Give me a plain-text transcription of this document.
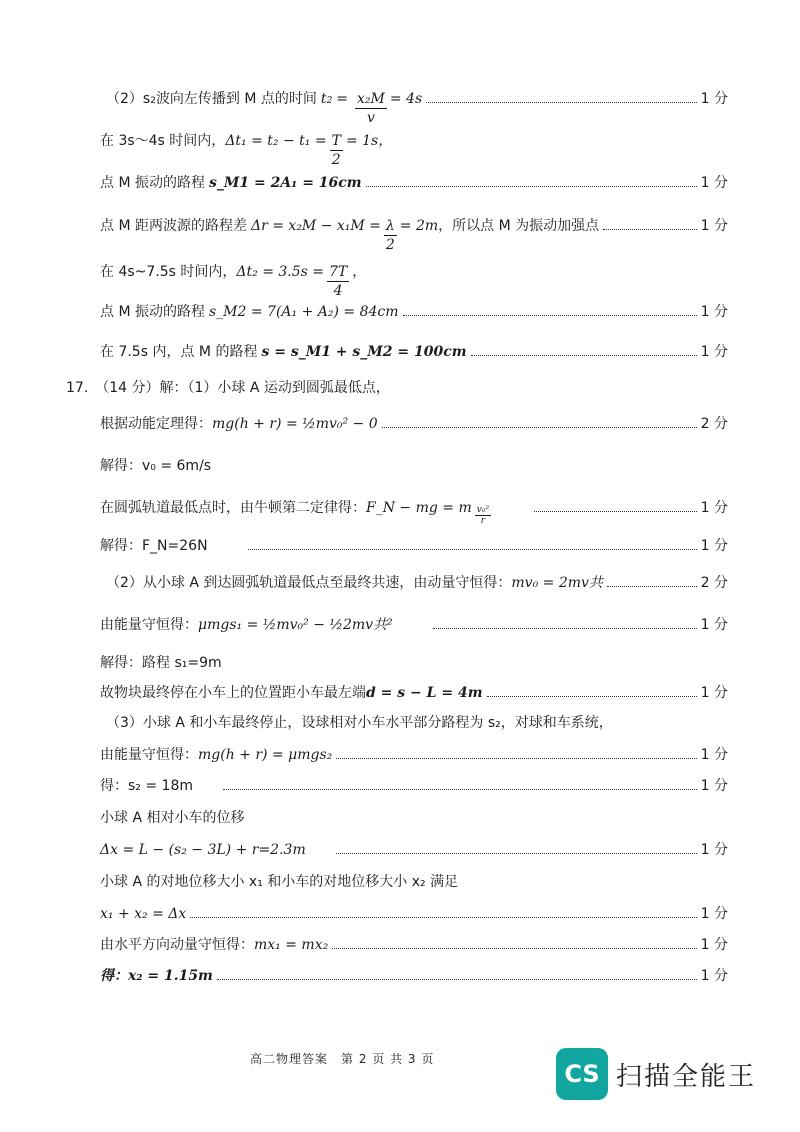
（2）s 2 波向左传播到 M 点的时间 t $2 = \frac{\text{x₂M}}{v} = 4s$	1 分
在 3s～4s 时间内， $\Delta t_1 = t_2 - t_1 = \frac{T}{2} = 1s$，
点 M 振动的路程 s_M1 = 2A₁ = 16cm	1 分
点 M 距两波源的路程差 $\Delta r = x_2M - x_1M = \frac{\lambda}{2} = 2m$ ，所以点 M 为振动加强点	1 分
在 4s~7.5s 时间内， $\Delta t_2 = 3.5s = \frac{7T}{4}$ ，
点 M 振动的路程 s_M2 = 7(A₁ + A₂) = 84cm	1 分
在 7.5s 内，点 M 的路程 s = s_M1 + s_M2 = 100cm	1 分
17.　（14 分）解：（1）小球 A 运动到圆弧最低点，
根据动能定理得： mg(h + r) = ½mv₀² − 0	2 分
解得：v₀ = 6m/s
在圆弧轨道最低点时，由牛顿第二定律得： F_N − mg = m $\frac{\text{v₀²}}{r}$	1 分
解得：F_N=26N	1 分
（2）从小球 A 到达圆弧轨道最低点至最终共速，由动量守恒得： mv₀ = 2mv共	2 分
由能量守恒得： μmgs₁ = ½mv₀² − ½2mv共²	1 分
解得：路程 s₁=9m
故物块最终停在小车上的位置距小车最左端 d = s − L = 4m	1 分
（3）小球 A 和小车最终停止，设球相对小车水平部分路程为 s₂，对球和车系统，
由能量守恒得： mg(h + r) = μmgs₂	1 分
得：s₂ = 18m	1 分
小球 A 相对小车的位移
Δx = L − (s₂ − 3L) + r=2.3m	1 分
小球 A 的对地位移大小 x₁ 和小车的对地位移大小 x₂ 满足
x₁ + x₂ = Δx	1 分
由水平方向动量守恒得： mx₁ = mx₂	1 分
得：x₂ = 1.15m	1 分
高二物理答案　第 2 页 共 3 页
CS 扫描全能王
